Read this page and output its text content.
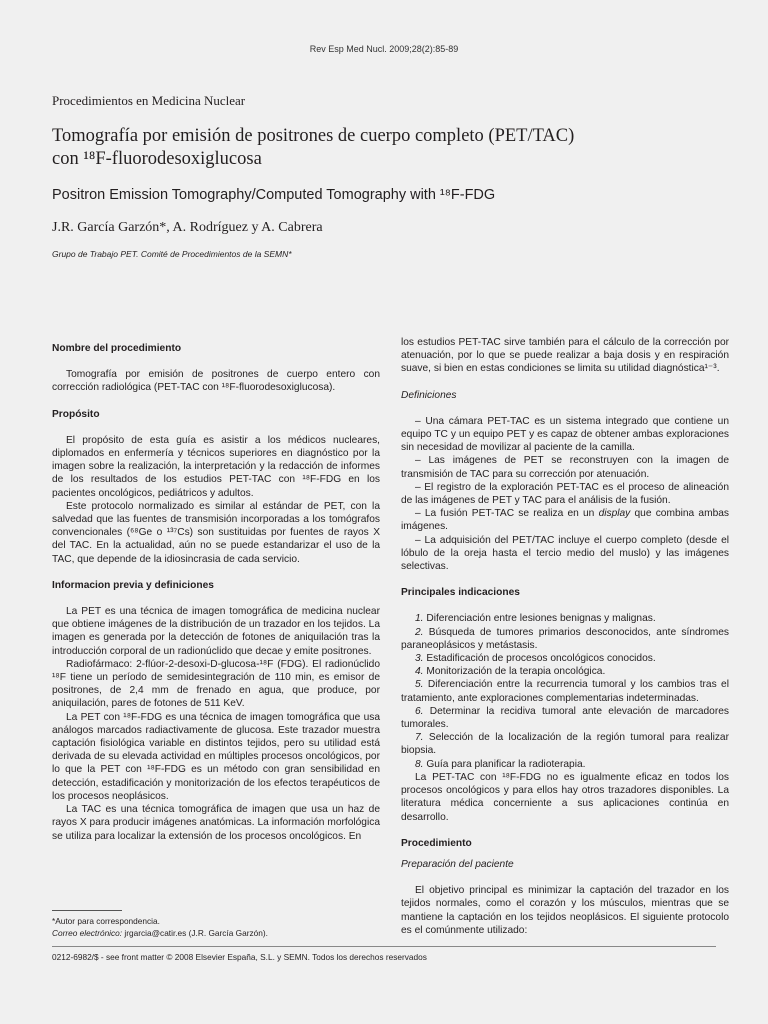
Rev Esp Med Nucl. 2009;28(2):85-89
Procedimientos en Medicina Nuclear
Tomografía por emisión de positrones de cuerpo completo (PET/TAC)
con ¹⁸F-fluorodesoxiglucosa
Positron Emission Tomography/Computed Tomography with ¹⁸F-FDG
J.R. García Garzón*, A. Rodríguez y A. Cabrera
Grupo de Trabajo PET. Comité de Procedimientos de la SEMN*

Nombre del procedimiento

Tomografía por emisión de positrones de cuerpo entero con corrección radiológica (PET-TAC con ¹⁸F-fluorodesoxiglucosa).

Propósito

El propósito de esta guía es asistir a los médicos nucleares, diplomados en enfermería y técnicos superiores en diagnóstico por la imagen sobre la realización, la interpretación y la redacción de informes de los resultados de los estudios PET-TAC con ¹⁸F-FDG en los pacientes oncológicos, pediátricos y adultos.

Este protocolo normalizado es similar al estándar de PET, con la salvedad que las fuentes de transmisión incorporadas a los tomógrafos convencionales (⁶⁸Ge o ¹³⁷Cs) son sustituidas por fuentes de rayos X del TAC. En la actualidad, aún no se puede estandarizar el uso de la TAC, que depende de la idiosincrasia de cada servicio.

Informacion previa y definiciones

La PET es una técnica de imagen tomográfica de medicina nuclear que obtiene imágenes de la distribución de un trazador en los tejidos. La imagen es generada por la detección de fotones de aniquilación tras la introducción corporal de un radionúclido que decae y emite positrones.

Radiofármaco: 2-flúor-2-desoxi-D-glucosa-¹⁸F (FDG). El radionúclido ¹⁸F tiene un período de semidesintegración de 110 min, es emisor de positrones, de 2,4 mm de frenado en agua, que produce, por aniquilación, pares de fotones de 511 KeV.

La PET con ¹⁸F-FDG es una técnica de imagen tomográfica que usa análogos marcados radiactivamente de glucosa. Este trazador muestra captación fisiológica variable en distintos tejidos, pero su utilidad está derivada de su elevada actividad en múltiples procesos oncológicos, por lo que la PET con ¹⁸F-FDG es un método con gran sensibilidad en detección, estadificación y monitorización de los efectos terapéuticos de los procesos neoplásicos.

La TAC es una técnica tomográfica de imagen que usa un haz de rayos X para producir imágenes anatómicas. La información morfológica se utiliza para localizar la extensión de los procesos oncológicos. En

los estudios PET-TAC sirve también para el cálculo de la corrección por atenuación, por lo que se puede realizar a baja dosis y en respiración suave, si bien en estas condiciones se limita su utilidad diagnóstica¹⁻³.

Definiciones

– Una cámara PET-TAC es un sistema integrado que contiene un equipo TC y un equipo PET y es capaz de obtener ambas exploraciones sin necesidad de movilizar al paciente de la camilla.

– Las imágenes de PET se reconstruyen con la imagen de transmisión de TAC para su corrección por atenuación.

– El registro de la exploración PET-TAC es el proceso de alineación de las imágenes de PET y TAC para el análisis de la fusión.

– La fusión PET-TAC se realiza en un display que combina ambas imágenes.

– La adquisición del PET/TAC incluye el cuerpo completo (desde el lóbulo de la oreja hasta el tercio medio del muslo) y las imágenes selectivas.

Principales indicaciones

1. Diferenciación entre lesiones benignas y malignas.

2. Búsqueda de tumores primarios desconocidos, ante síndromes paraneoplásicos y metástasis.

3. Estadificación de procesos oncológicos conocidos.

4. Monitorización de la terapia oncológica.

5. Diferenciación entre la recurrencia tumoral y los cambios tras el tratamiento, ante exploraciones complementarias indeterminadas.

6. Determinar la recidiva tumoral ante elevación de marcadores tumorales.

7. Selección de la localización de la región tumoral para realizar biopsia.

8. Guía para planificar la radioterapia.

La PET-TAC con ¹⁸F-FDG no es igualmente eficaz en todos los procesos oncológicos y para ellos hay otros trazadores disponibles. La literatura médica concerniente a sus aplicaciones continúa en desarrollo.

Procedimiento

Preparación del paciente

El objetivo principal es minimizar la captación del trazador en los tejidos normales, como el corazón y los músculos, mientras que se mantiene la captación en los tejidos neoplásicos. El siguiente protocolo es el comúnmente utilizado:

*Autor para correspondencia.
Correo electrónico: jrgarcia@catir.es (J.R. García Garzón).
0212-6982/$ - see front matter © 2008 Elsevier España, S.L. y SEMN. Todos los derechos reservados
